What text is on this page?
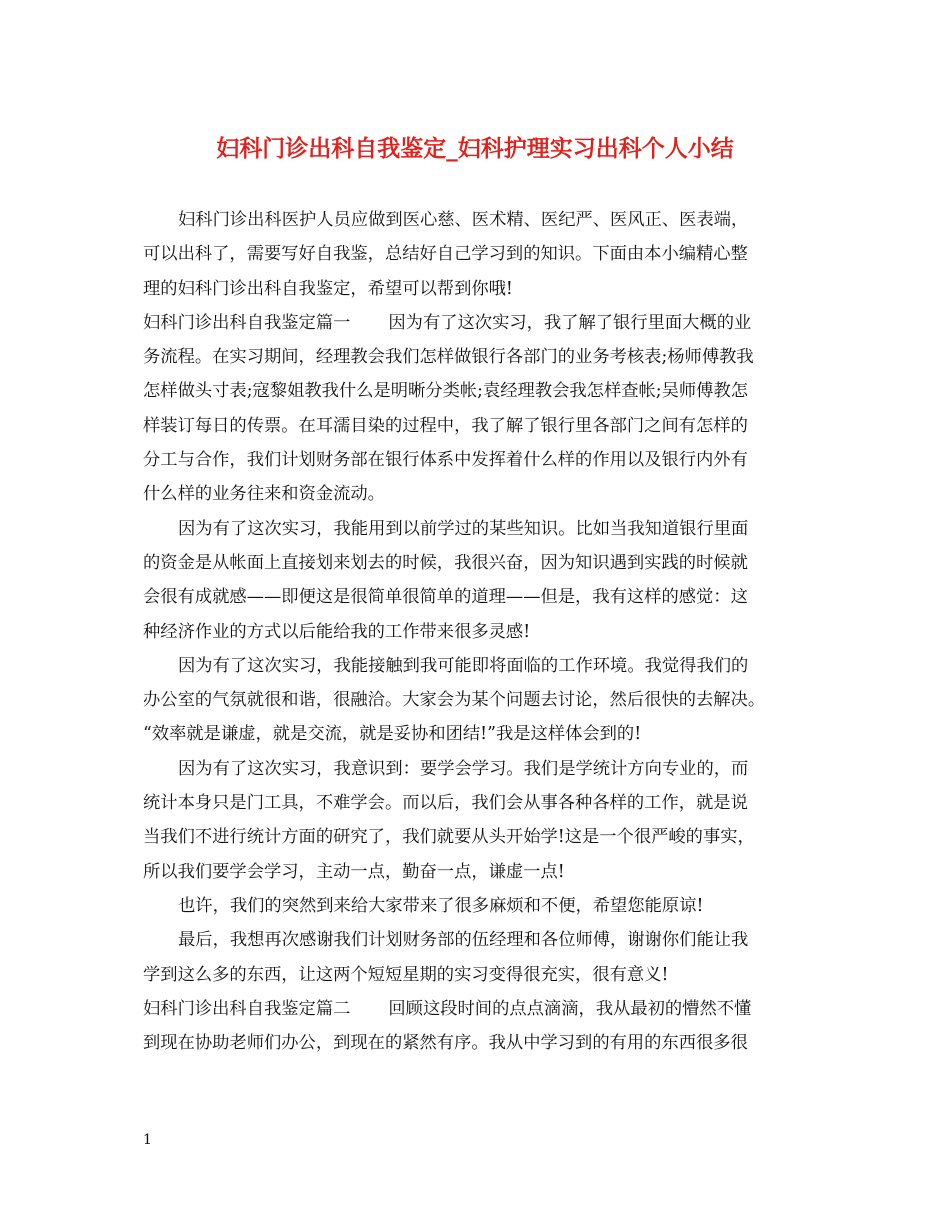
妇科门诊出科自我鉴定_妇科护理实习出科个人小结
妇科门诊出科医护人员应做到医心慈、医术精、医纪严、医风正、医表端，
可以出科了，需要写好自我鉴，总结好自己学习到的知识。下面由本小编精心整
理的妇科门诊出科自我鉴定，希望可以帮到你哦!
妇科门诊出科自我鉴定篇一 因为有了这次实习，我了解了银行里面大概的业
务流程。在实习期间，经理教会我们怎样做银行各部门的业务考核表;杨师傅教我
怎样做头寸表;寇黎姐教我什么是明晰分类帐;袁经理教会我怎样查帐;吴师傅教怎
样装订每日的传票。在耳濡目染的过程中，我了解了银行里各部门之间有怎样的
分工与合作，我们计划财务部在银行体系中发挥着什么样的作用以及银行内外有
什么样的业务往来和资金流动。
因为有了这次实习，我能用到以前学过的某些知识。比如当我知道银行里面
的资金是从帐面上直接划来划去的时候，我很兴奋，因为知识遇到实践的时候就
会很有成就感——即便这是很简单很简单的道理——但是，我有这样的感觉：这
种经济作业的方式以后能给我的工作带来很多灵感!
因为有了这次实习，我能接触到我可能即将面临的工作环境。我觉得我们的
办公室的气氛就很和谐，很融洽。大家会为某个问题去讨论，然后很快的去解决。
“效率就是谦虚，就是交流，就是妥协和团结!”我是这样体会到的!
因为有了这次实习，我意识到：要学会学习。我们是学统计方向专业的，而
统计本身只是门工具，不难学会。而以后，我们会从事各种各样的工作，就是说
当我们不进行统计方面的研究了，我们就要从头开始学!这是一个很严峻的事实，
所以我们要学会学习，主动一点，勤奋一点，谦虚一点!
也许，我们的突然到来给大家带来了很多麻烦和不便，希望您能原谅!
最后，我想再次感谢我们计划财务部的伍经理和各位师傅，谢谢你们能让我
学到这么多的东西，让这两个短短星期的实习变得很充实，很有意义!
妇科门诊出科自我鉴定篇二 回顾这段时间的点点滴滴，我从最初的懵然不懂
到现在协助老师们办公，到现在的紧然有序。我从中学习到的有用的东西很多很
1
